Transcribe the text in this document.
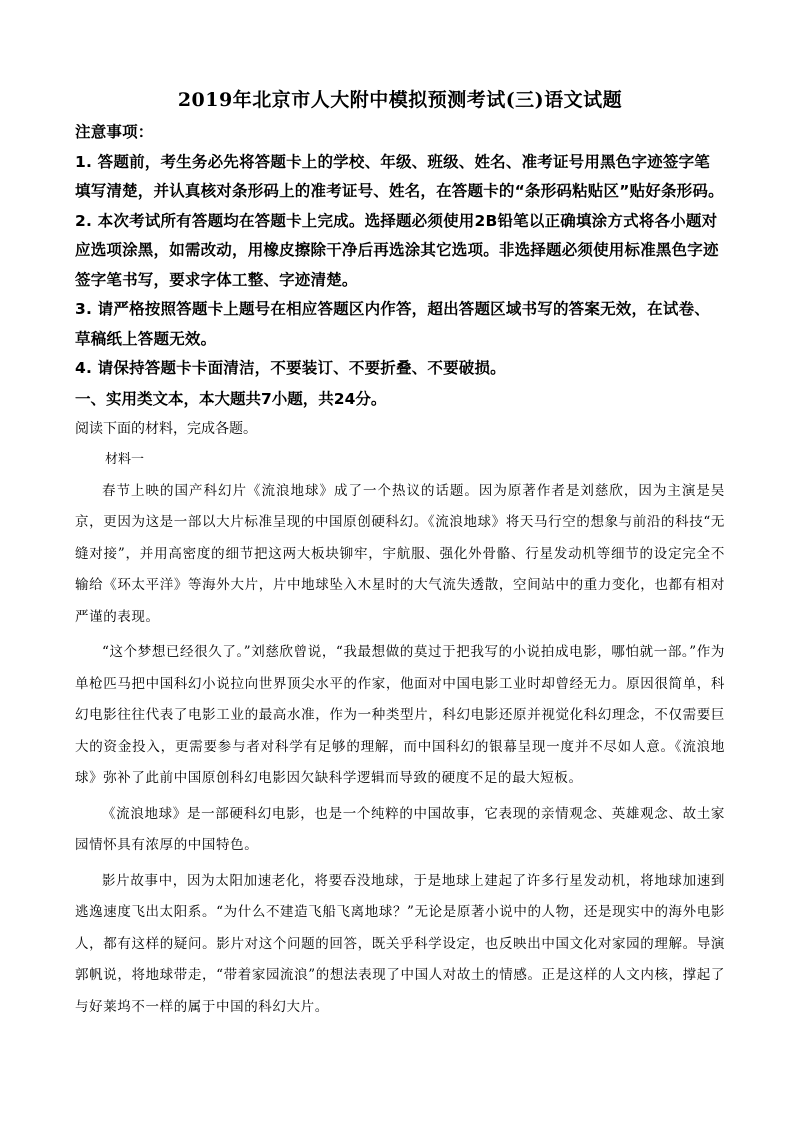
2019年北京市人大附中模拟预测考试(三)语文试题

注意事项：

1. 答题前，考生务必先将答题卡上的学校、年级、班级、姓名、准考证号用黑色字迹签字笔填写清楚，并认真核对条形码上的准考证号、姓名，在答题卡的“条形码粘贴区”贴好条形码。

2. 本次考试所有答题均在答题卡上完成。选择题必须使用2B铅笔以正确填涂方式将各小题对应选项涂黑，如需改动，用橡皮擦除干净后再选涂其它选项。非选择题必须使用标准黑色字迹签字笔书写，要求字体工整、字迹清楚。

3. 请严格按照答题卡上题号在相应答题区内作答，超出答题区域书写的答案无效，在试卷、草稿纸上答题无效。

4. 请保持答题卡卡面清洁，不要装订、不要折叠、不要破损。

一、实用类文本，本大题共7小题，共24分。

阅读下面的材料，完成各题。

材料一

春节上映的国产科幻片《流浪地球》成了一个热议的话题。因为原著作者是刘慈欣，因为主演是吴京，更因为这是一部以大片标准呈现的中国原创硬科幻。《流浪地球》将天马行空的想象与前沿的科技“无缝对接”，并用高密度的细节把这两大板块铆牢，宇航服、强化外骨骼、行星发动机等细节的设定完全不输给《环太平洋》等海外大片，片中地球坠入木星时的大气流失透散，空间站中的重力变化，也都有相对严谨的表现。

“这个梦想已经很久了。”刘慈欣曾说，“我最想做的莫过于把我写的小说拍成电影，哪怕就一部。”作为单枪匹马把中国科幻小说拉向世界顶尖水平的作家，他面对中国电影工业时却曾经无力。原因很简单，科幻电影往往代表了电影工业的最高水准，作为一种类型片，科幻电影还原并视觉化科幻理念，不仅需要巨大的资金投入，更需要参与者对科学有足够的理解，而中国科幻的银幕呈现一度并不尽如人意。《流浪地球》弥补了此前中国原创科幻电影因欠缺科学逻辑而导致的硬度不足的最大短板。

《流浪地球》是一部硬科幻电影，也是一个纯粹的中国故事，它表现的亲情观念、英雄观念、故土家园情怀具有浓厚的中国特色。

影片故事中，因为太阳加速老化，将要吞没地球，于是地球上建起了许多行星发动机，将地球加速到逃逸速度飞出太阳系。“为什么不建造飞船飞离地球？”无论是原著小说中的人物，还是现实中的海外电影人，都有这样的疑问。影片对这个问题的回答，既关乎科学设定，也反映出中国文化对家园的理解。导演郭帆说，将地球带走，“带着家园流浪”的想法表现了中国人对故土的情感。正是这样的人文内核，撑起了与好莱坞不一样的属于中国的科幻大片。
